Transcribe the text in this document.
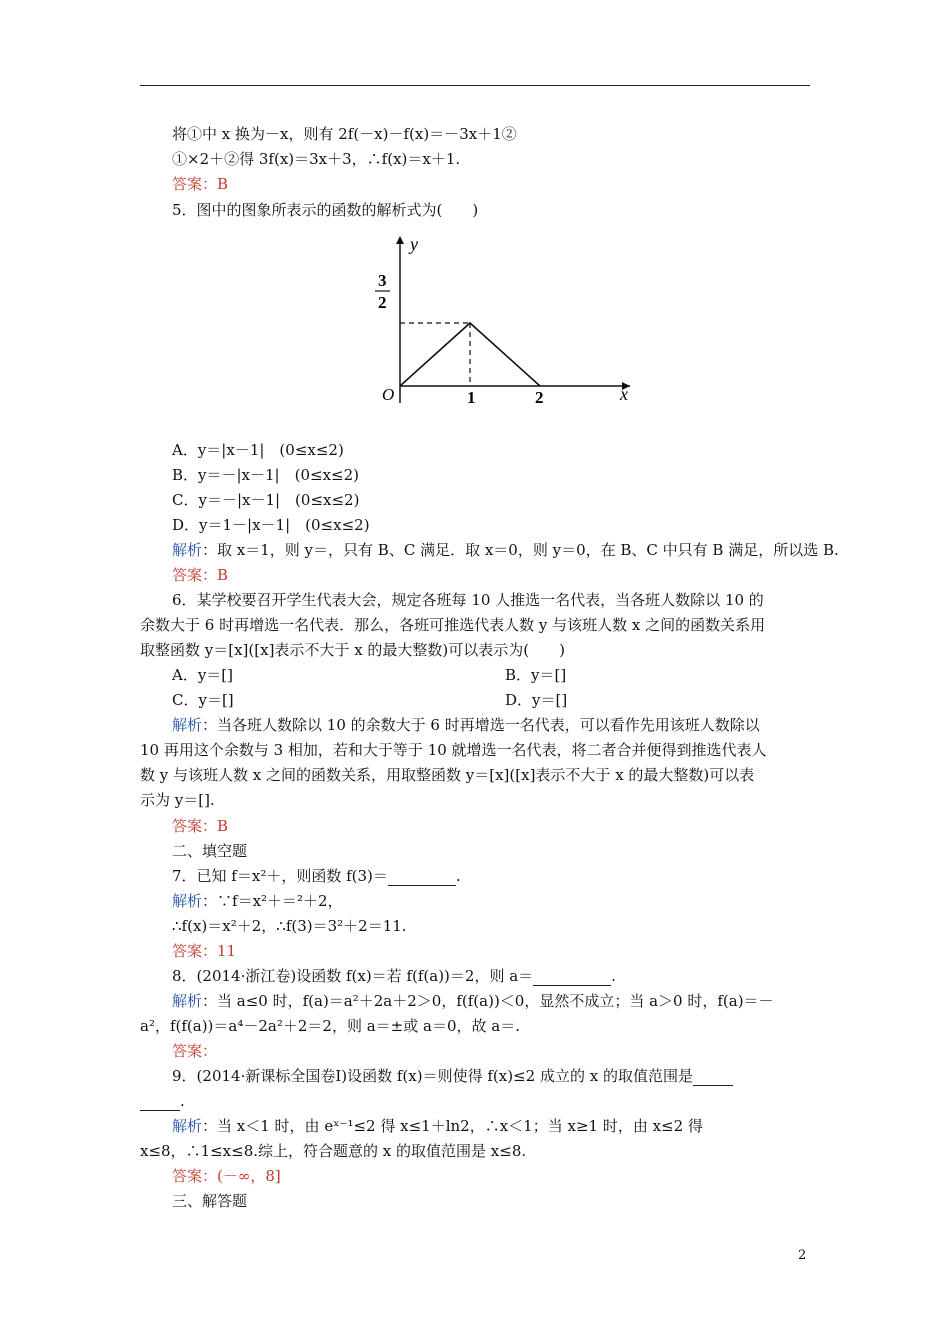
将①中 x 换为－x，则有 2f(－x)－f(x)＝－3x＋1②
①×2＋②得 3f(x)＝3x＋3，∴f(x)＝x＋1.
答案：B
5．图中的图象所表示的函数的解析式为(　　)
y
x
O
3
2
1	2
A．y＝|x－1|　(0≤x≤2)
B．y＝－|x－1|　(0≤x≤2)
C．y＝－|x－1|　(0≤x≤2)
D．y＝1－|x－1|　(0≤x≤2)
解析：取 x＝1，则 y＝，只有 B、C 满足．取 x＝0，则 y＝0，在 B、C 中只有 B 满足，所以选 B.
答案：B
6．某学校要召开学生代表大会，规定各班每 10 人推选一名代表，当各班人数除以 10 的
余数大于 6 时再增选一名代表．那么，各班可推选代表人数 y 与该班人数 x 之间的函数关系用
取整函数 y＝[x]([x]表示不大于 x 的最大整数)可以表示为(　　)
A．y＝[]	B．y＝[]
C．y＝[]	D．y＝[]
解析：当各班人数除以 10 的余数大于 6 时再增选一名代表，可以看作先用该班人数除以
10 再用这个余数与 3 相加，若和大于等于 10 就增选一名代表，将二者合并便得到推选代表人
数 y 与该班人数 x 之间的函数关系，用取整函数 y＝[x]([x]表示不大于 x 的最大整数)可以表
示为 y＝[].
答案：B
二、填空题
7．已知 f＝x²＋，则函数 f(3)＝	.
解析：∵f＝x²＋＝²＋2，
∴f(x)＝x²＋2，∴f(3)＝3²＋2＝11.
答案：11
8．(2014·浙江卷)设函数 f(x)＝若 f(f(a))＝2，则 a＝	.
解析：当 a≤0 时，f(a)＝a²＋2a＋2＞0，f(f(a))＜0，显然不成立；当 a＞0 时，f(a)＝－
a²，f(f(a))＝a⁴－2a²＋2＝2，则 a＝±或 a＝0，故 a＝.
答案：
9．(2014·新课标全国卷Ⅰ)设函数 f(x)＝则使得 f(x)≤2 成立的 x 的取值范围是
.
解析：当 x＜1 时，由 eˣ⁻¹≤2 得 x≤1＋ln2，∴x＜1；当 x≥1 时，由 x≤2 得
x≤8，∴1≤x≤8.综上，符合题意的 x 的取值范围是 x≤8.
答案：(－∞，8]
三、解答题
2
